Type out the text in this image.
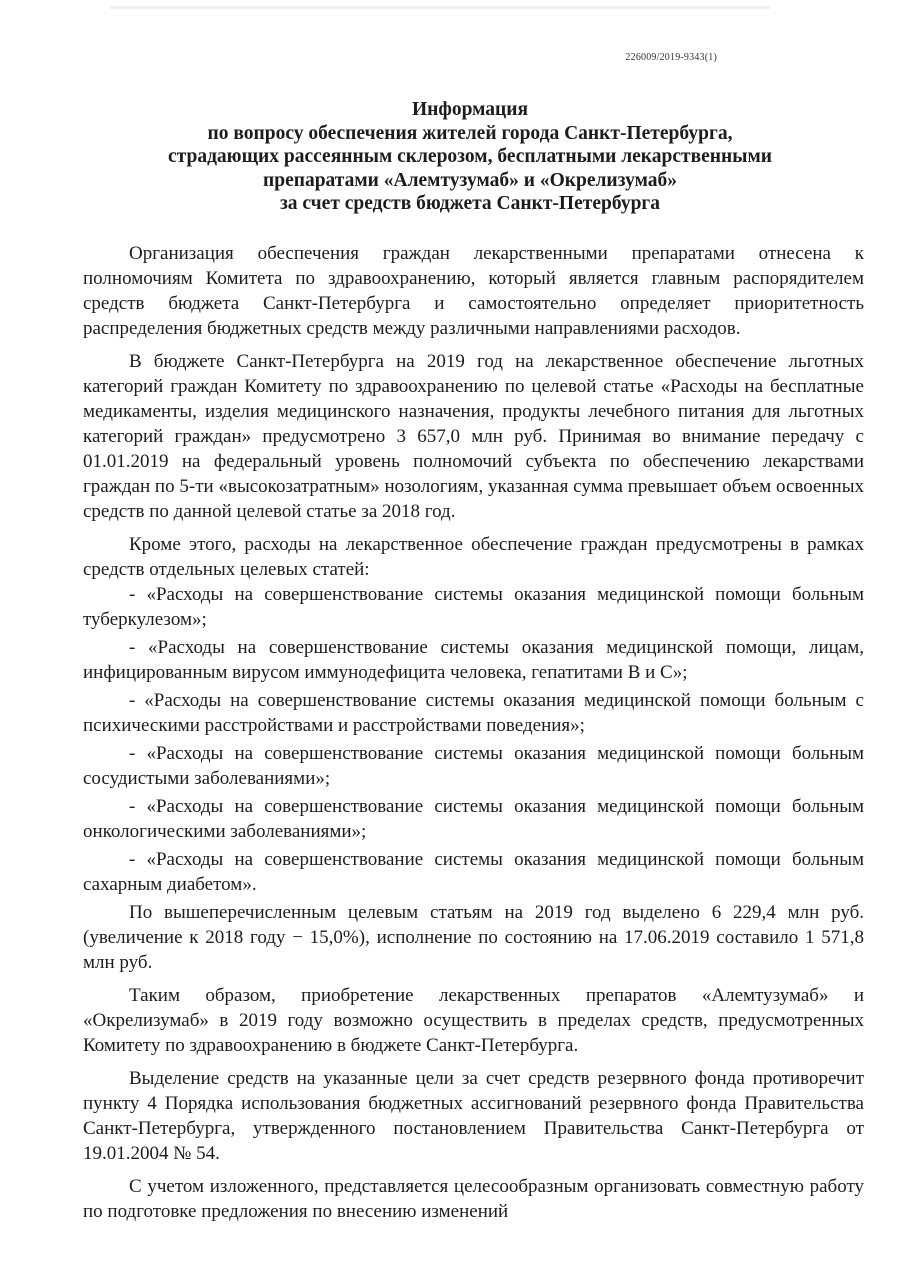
226009/2019-9343(1)
Информация
по вопросу обеспечения жителей города Санкт-Петербурга,
страдающих рассеянным склерозом, бесплатными лекарственными
препаратами «Алемтузумаб» и «Окрелизумаб»
за счет средств бюджета Санкт-Петербурга

Организация обеспечения граждан лекарственными препаратами отнесена к полномочиям Комитета по здравоохранению, который является главным распорядителем средств бюджета Санкт-Петербурга и самостоятельно определяет приоритетность распределения бюджетных средств между различными направлениями расходов.

В бюджете Санкт-Петербурга на 2019 год на лекарственное обеспечение льготных категорий граждан Комитету по здравоохранению по целевой статье «Расходы на бесплатные медикаменты, изделия медицинского назначения, продукты лечебного питания для льготных категорий граждан» предусмотрено 3 657,0 млн руб. Принимая во внимание передачу с 01.01.2019 на федеральный уровень полномочий субъекта по обеспечению лекарствами граждан по 5-ти «высокозатратным» нозологиям, указанная сумма превышает объем освоенных средств по данной целевой статье за 2018 год.

Кроме этого, расходы на лекарственное обеспечение граждан предусмотрены в рамках средств отдельных целевых статей:

- «Расходы на совершенствование системы оказания медицинской помощи больным туберкулезом»;

- «Расходы на совершенствование системы оказания медицинской помощи, лицам, инфицированным вирусом иммунодефицита человека, гепатитами В и С»;

- «Расходы на совершенствование системы оказания медицинской помощи больным с психическими расстройствами и расстройствами поведения»;

- «Расходы на совершенствование системы оказания медицинской помощи больным сосудистыми заболеваниями»;

- «Расходы на совершенствование системы оказания медицинской помощи больным онкологическими заболеваниями»;

- «Расходы на совершенствование системы оказания медицинской помощи больным сахарным диабетом».

По вышеперечисленным целевым статьям на 2019 год выделено 6 229,4 млн руб. (увеличение к 2018 году − 15,0%), исполнение по состоянию на 17.06.2019 составило 1 571,8 млн руб.

Таким образом, приобретение лекарственных препаратов «Алемтузумаб» и «Окрелизумаб» в 2019 году возможно осуществить в пределах средств, предусмотренных Комитету по здравоохранению в бюджете Санкт-Петербурга.

Выделение средств на указанные цели за счет средств резервного фонда противоречит пункту 4 Порядка использования бюджетных ассигнований резервного фонда Правительства Санкт-Петербурга, утвержденного постановлением Правительства Санкт-Петербурга от 19.01.2004 № 54.

С учетом изложенного, представляется целесообразным организовать совместную работу по подготовке предложения по внесению изменений
